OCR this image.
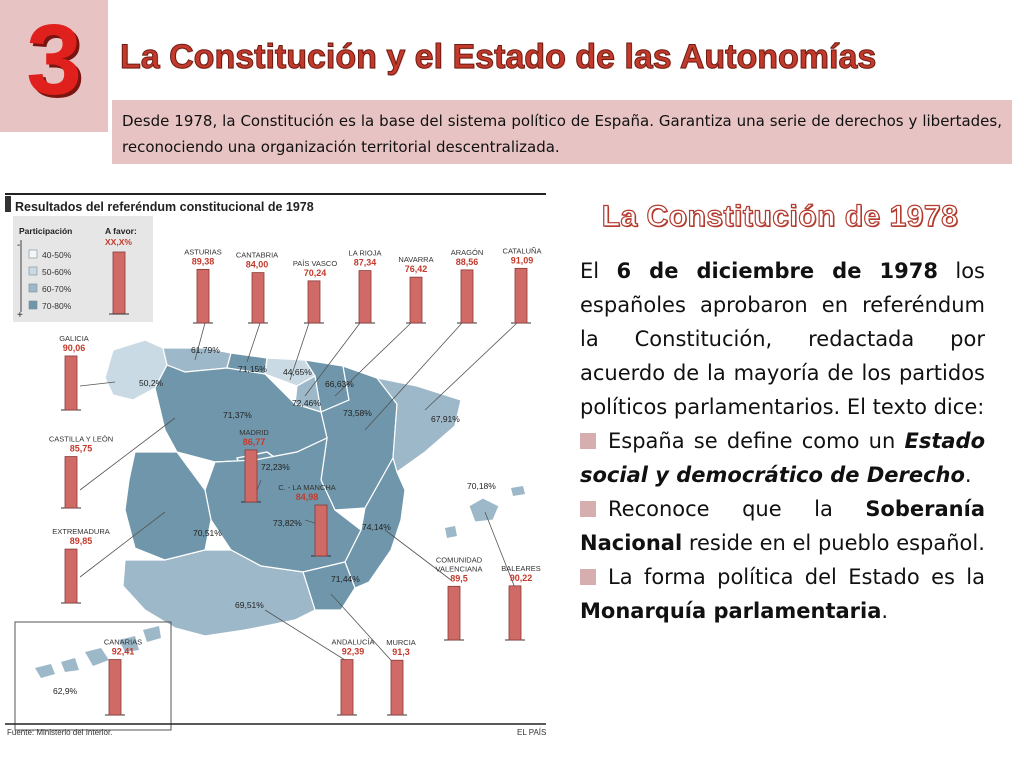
3	La Constitución y el Estado de las Autonomías
Desde 1978, la Constitución es la base del sistema político de España. Garantiza una serie de derechos y libertades, reconociendo una organización territorial descentralizada.
Resultados del referéndum constitucional de 1978
Participación	A favor:
XX,X%
-
+
40-50%
50-60%
60-70%
70-80%
ASTURIAS
89,38
CANTABRIA
84,00	PAÍS VASCO
70,24
LA RIOJA
87,34	NAVARRA
76,42
ARAGÓN
88,56
CATALUÑA
91,09
GALICIA
90,06
CASTILLA Y LEÓN
85,75
MADRID
86,77
C. - LA MANCHA
84,98
EXTREMADURA
89,85
COMUNIDAD
VALENCIANA
89,5
BALEARES
90,22
ANDALUCÍA
92,39
MURCIA
91,3
CANARIAS
92,41
61,79%
71,15% 44,65%
66,63%
72,46%
73,58%
67,91%
50,2%
71,37%
72,23%
73,82%
70,51%
74,14%
70,18%
69,51%
71,44%
62,9%
Fuente: Ministerio del Interior.	EL PAÍS
La Constitución de 1978

El 6 de diciembre de 1978 los españoles aprobaron en referéndum la Constitución, redactada por acuerdo de la mayoría de los partidos políticos parlamentarios. El texto dice:

España se define como un Estado social y democrático de Derecho.

Reconoce que la Soberanía Nacional reside en el pueblo español.

La forma política del Estado es la Monarquía parlamentaria.
